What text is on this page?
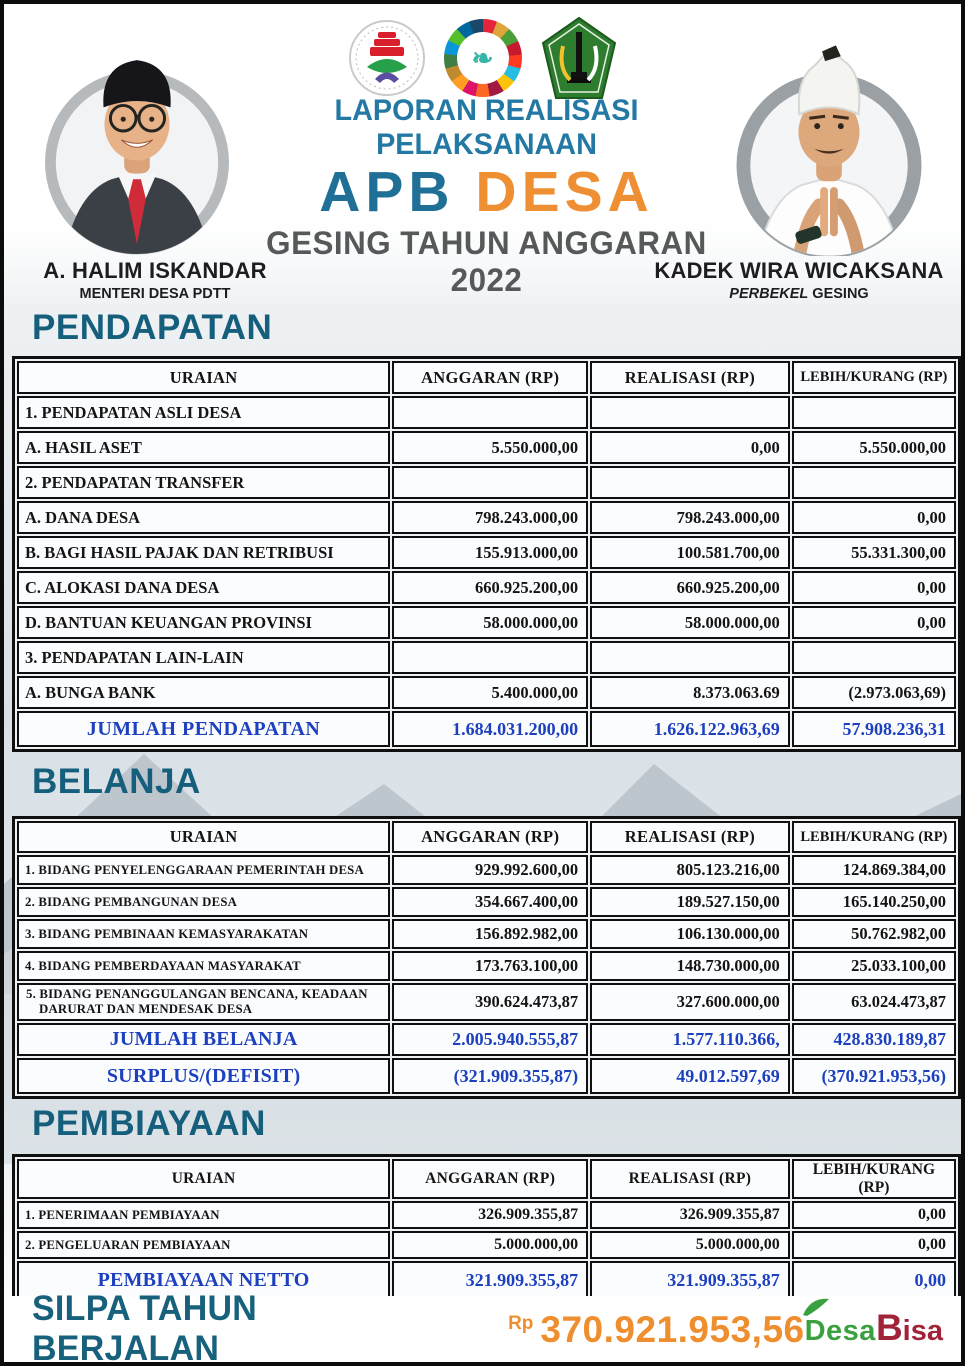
❧
LAPORAN REALISASI PELAKSANAAN
APB DESA
GESING TAHUN ANGGARAN 2022
A. HALIM ISKANDAR
MENTERI DESA PDTT
KADEK WIRA WICAKSANA
PERBEKEL GESING
PENDAPATAN
URAIAN	ANGGARAN (RP)	REALISASI (RP)	LEBIH/KURANG (RP)
1. PENDAPATAN ASLI DESA			
A. HASIL ASET	5.550.000,00	0,00	5.550.000,00
2. PENDAPATAN TRANSFER			
A. DANA DESA	798.243.000,00	798.243.000,00	0,00
B. BAGI HASIL PAJAK DAN RETRIBUSI	155.913.000,00	100.581.700,00	55.331.300,00
C. ALOKASI DANA DESA	660.925.200,00	660.925.200,00	0,00
D. BANTUAN KEUANGAN PROVINSI	58.000.000,00	58.000.000,00	0,00
3. PENDAPATAN LAIN-LAIN			
A. BUNGA BANK	5.400.000,00	8.373.063.69	(2.973.063,69)
JUMLAH PENDAPATAN	1.684.031.200,00	1.626.122.963,69	57.908.236,31
BELANJA
URAIAN	ANGGARAN (RP)	REALISASI (RP)	LEBIH/KURANG (RP)
1. BIDANG PENYELENGGARAAN PEMERINTAH DESA	929.992.600,00	805.123.216,00	124.869.384,00
2. BIDANG PEMBANGUNAN DESA	354.667.400,00	189.527.150,00	165.140.250,00
3. BIDANG PEMBINAAN KEMASYARAKATAN	156.892.982,00	106.130.000,00	50.762.982,00
4. BIDANG PEMBERDAYAAN MASYARAKAT	173.763.100,00	148.730.000,00	25.033.100,00
5. BIDANG PENANGGULANGAN BENCANA, KEADAAN DARURAT DAN MENDESAK DESA	390.624.473,87	327.600.000,00	63.024.473,87
JUMLAH BELANJA	2.005.940.555,87	1.577.110.366,	428.830.189,87
SURPLUS/(DEFISIT)	(321.909.355,87)	49.012.597,69	(370.921.953,56)
PEMBIAYAAN
URAIAN	ANGGARAN (RP)	REALISASI (RP)	LEBIH/KURANG (RP)
1. PENERIMAAN PEMBIAYAAN	326.909.355,87	326.909.355,87	0,00
2. PENGELUARAN PEMBIAYAAN	5.000.000,00	5.000.000,00	0,00
PEMBIAYAAN NETTO	321.909.355,87	321.909.355,87	0,00
SILPA TAHUN BERJALAN
Rp 370.921.953,56 Desa B isa
